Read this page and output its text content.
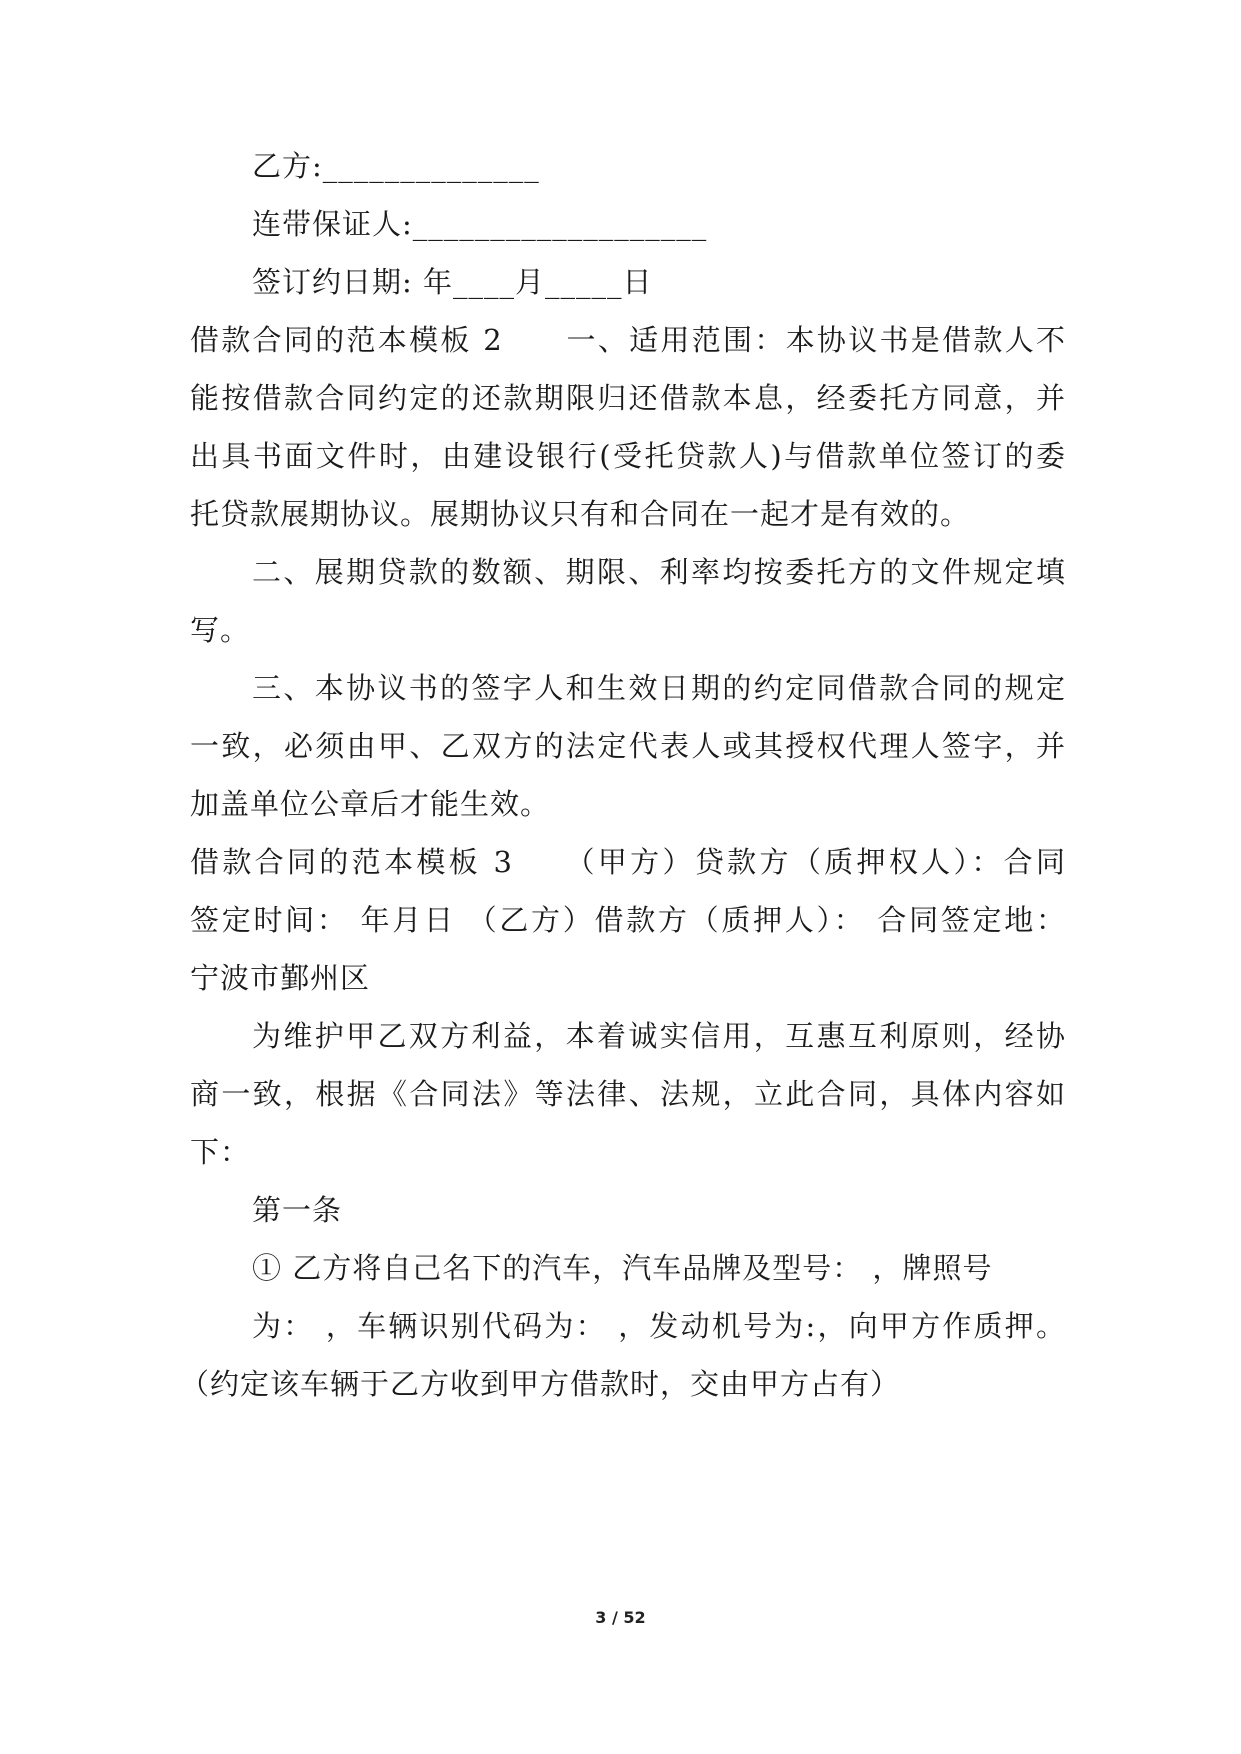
乙方:______________
连带保证人:___________________
签订约日期: 年____月_____日
借款合同的范本模板 2　　一、适用范围：本协议书是借款人不
能按借款合同约定的还款期限归还借款本息，经委托方同意，并
出具书面文件时，由建设银行(受托贷款人)与借款单位签订的委
托贷款展期协议。展期协议只有和合同在一起才是有效的。
二、展期贷款的数额、期限、利率均按委托方的文件规定填
写。
三、本协议书的签字人和生效日期的约定同借款合同的规定
一致，必须由甲、乙双方的法定代表人或其授权代理人签字，并
加盖单位公章后才能生效。
借款合同的范本模板 3　　（甲方）贷款方（质押权人）：合同
签定时间： 年月日 （乙方）借款方（质押人）： 合同签定地：
宁波市鄞州区
为维护甲乙双方利益，本着诚实信用，互惠互利原则，经协
商一致，根据《合同法》等法律、法规，立此合同，具体内容如
下：
第一条
① 乙方将自己名下的汽车，汽车品牌及型号： ，牌照号
为： ，车辆识别代码为： ，发动机号为:，向甲方作质押。
（约定该车辆于乙方收到甲方借款时，交由甲方占有）
3 / 52
